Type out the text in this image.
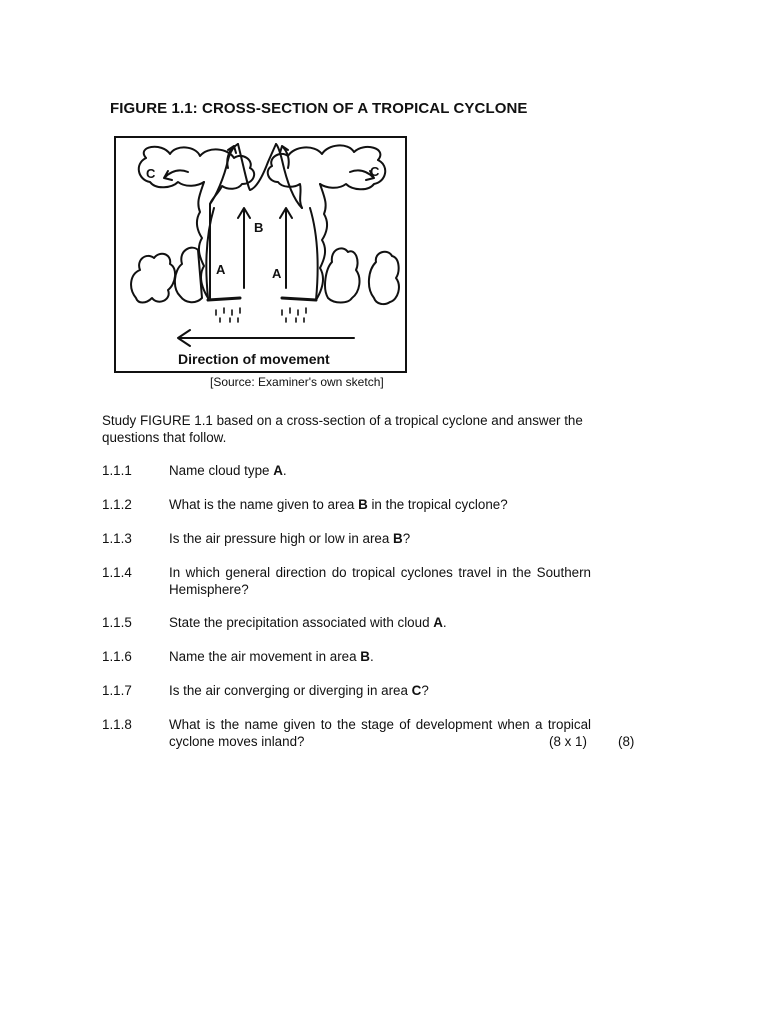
FIGURE 1.1: CROSS-SECTION OF A TROPICAL CYCLONE
A	A
B
C	C
Direction of movement
[Source: Examiner's own sketch]
Study FIGURE 1.1 based on a cross-section of a tropical cyclone and answer the questions that follow.
1.1.1	Name cloud type A.
1.1.2	What is the name given to area B in the tropical cyclone?
1.1.3	Is the air pressure high or low in area B?
1.1.4	In which general direction do tropical cyclones travel in the Southern Hemisphere?
1.1.5	State the precipitation associated with cloud A.
1.1.6	Name the air movement in area B.
1.1.7	Is the air converging or diverging in area C?
1.1.8	What is the name given to the stage of development when a tropical cyclone moves inland?	(8 x 1) (8)
